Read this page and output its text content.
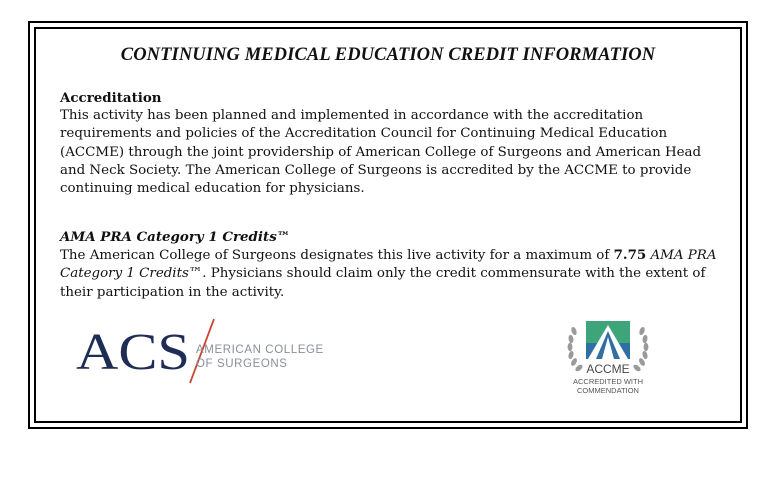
CONTINUING MEDICAL EDUCATION CREDIT INFORMATION

Accreditation

This activity has been planned and implemented in accordance with the accreditation requirements and policies of the Accreditation Council for Continuing Medical Education (ACCME) through the joint providership of American College of Surgeons and American Head and Neck Society. The American College of Surgeons is accredited by the ACCME to provide continuing medical education for physicians.

AMA PRA Category 1 Credits™

The American College of Surgeons designates this live activity for a maximum of 7.75 AMA PRA Category 1 Credits™. Physicians should claim only the credit commensurate with the extent of their participation in the activity.

ACS AMERICAN COLLEGE
OF SURGEONS	ACCME
ACCREDITED WITH
COMMENDATION
